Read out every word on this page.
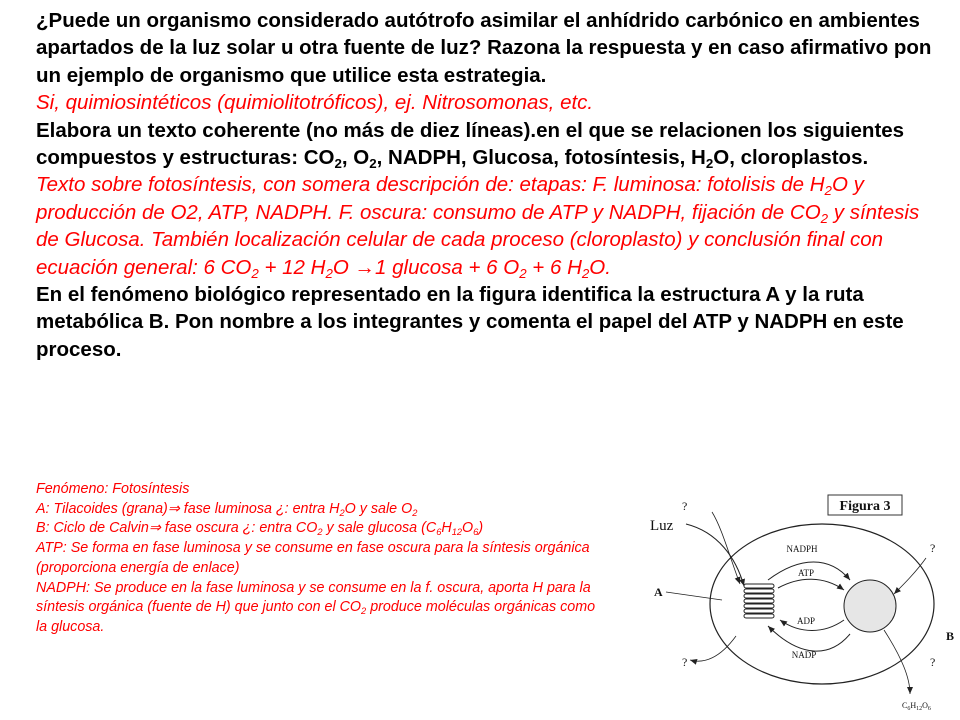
¿Puede un organismo considerado autótrofo asimilar el anhídrido carbónico en ambientes apartados de la luz solar u otra fuente de luz? Razona la respuesta y en caso afirmativo pon un ejemplo de organismo que utilice esta estrategia.

Si, quimiosintéticos (quimiolitotróficos), ej. Nitrosomonas, etc.

Elabora un texto coherente (no más de diez líneas).en el que se relacionen los siguientes compuestos y estructuras: $CO_2$, $O_2$, NADPH, Glucosa, fotosíntesis, $H_2O$, cloroplastos.

Texto sobre fotosíntesis, con somera descripción de: etapas: F. luminosa: fotolisis de $H_2O$ y producción de O2, ATP, NADPH. F. oscura: consumo de ATP y NADPH, fijación de $CO_2$ y síntesis de Glucosa. También localización celular de cada proceso (cloroplasto) y conclusión final con ecuación general: 6 $CO_2 + 12$ $H_2O \to 1$ glucosa + 6 $O_2 + 6$ $H_2O$.

En el fenómeno biológico representado en la figura identifica la estructura A y la ruta metabólica B. Pon nombre a los integrantes y comenta el papel del ATP y NADPH en este proceso.

Fenómeno: Fotosíntesis

A: Tilacoides (grana)⇒ fase luminosa ¿: entra $H_2O$ y sale $O_2$

B: Ciclo de Calvin⇒ fase oscura ¿: entra $CO_2$ y sale glucosa $(C_6H_{12}O_6)$

ATP: Se forma en fase luminosa y se consume en fase oscura para la síntesis orgánica (proporciona energía de enlace)

NADPH: Se produce en la fase luminosa y se consume en la f. oscura, aporta H para la síntesis orgánica (fuente de H) que junto con el $CO_2$ produce moléculas orgánicas como la glucosa.

Figura 3
?
?
?	?
Luz
A
NADPH
ATP
ADP
NADP
B
$C_6H_{12}O_6$
